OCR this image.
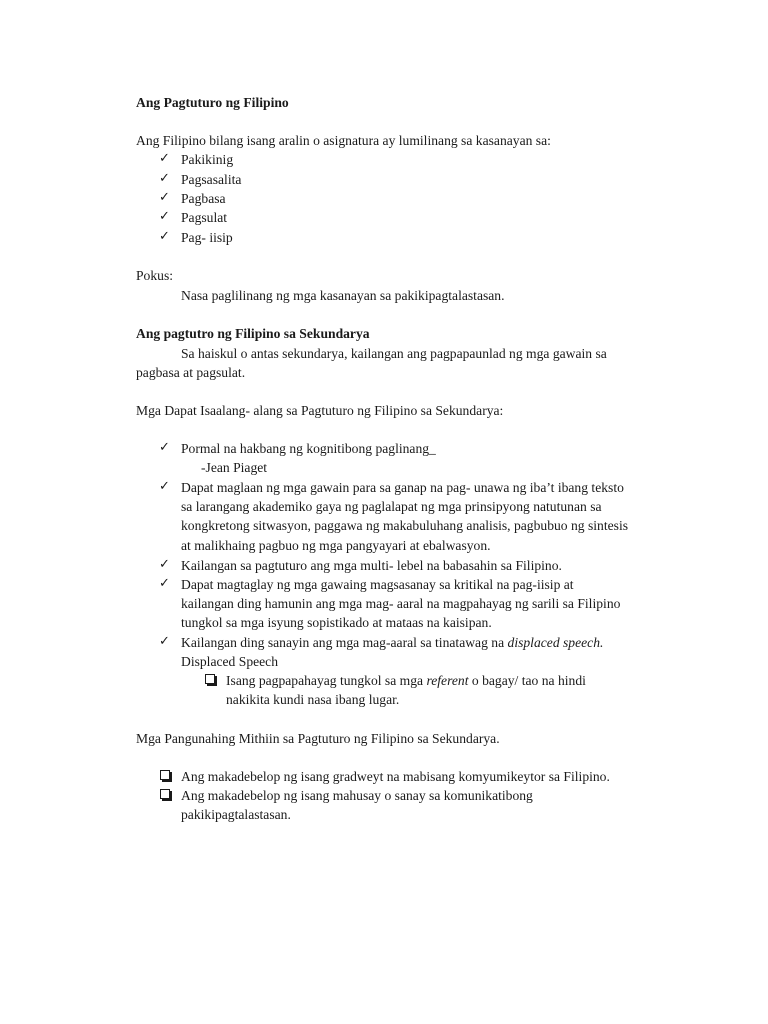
Ang Pagtuturo ng Filipino
Ang Filipino bilang isang aralin o asignatura ay lumilinang sa kasanayan sa:
✓ Pakikinig
✓ Pagsasalita
✓ Pagbasa
✓ Pagsulat
✓ Pag- iisip
Pokus:
Nasa paglilinang ng mga kasanayan sa pakikipagtalastasan.
Ang pagtutro ng Filipino sa Sekundarya
Sa haiskul o antas sekundarya, kailangan ang pagpapaunlad ng mga gawain sa
pagbasa at pagsulat.
Mga Dapat Isaalang- alang sa Pagtuturo ng Filipino sa Sekundarya:
✓ Pormal na hakbang ng kognitibong paglinang_
-Jean Piaget
✓ Dapat maglaan ng mga gawain para sa ganap na pag- unawa ng iba’t ibang teksto
sa larangang akademiko gaya ng paglalapat ng mga prinsipyong natutunan sa
kongkretong sitwasyon, paggawa ng makabuluhang analisis, pagbubuo ng sintesis
at malikhaing pagbuo ng mga pangyayari at ebalwasyon.
✓ Kailangan sa pagtuturo ang mga multi- lebel na babasahin sa Filipino.
✓ Dapat magtaglay ng mga gawaing magsasanay sa kritikal na pag-iisip at
kailangan ding hamunin ang mga mag- aaral na magpahayag ng sarili sa Filipino
tungkol sa mga isyung sopistikado at mataas na kaisipan.
✓ Kailangan ding sanayin ang mga mag-aaral sa tinatawag na displaced speech.
Displaced Speech
Isang pagpapahayag tungkol sa mga referent o bagay/ tao na hindi
nakikita kundi nasa ibang lugar.
Mga Pangunahing Mithiin sa Pagtuturo ng Filipino sa Sekundarya.
Ang makadebelop ng isang gradweyt na mabisang komyumikeytor sa Filipino.
Ang makadebelop ng isang mahusay o sanay sa komunikatibong
pakikipagtalastasan.
